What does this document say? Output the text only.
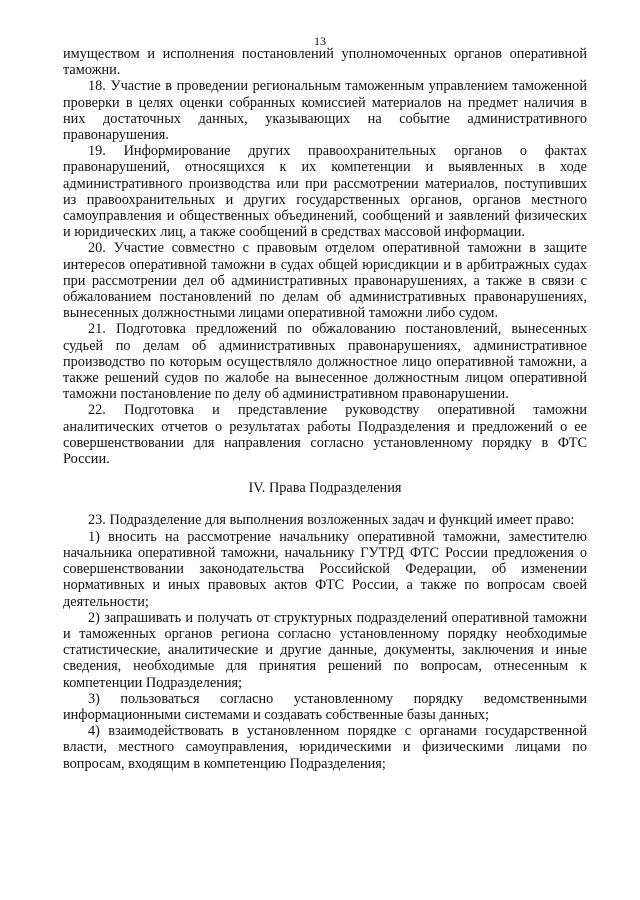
13

имуществом и исполнения постановлений уполномоченных органов оперативной таможни.

18. Участие в проведении региональным таможенным управлением таможенной проверки в целях оценки собранных комиссией материалов на предмет наличия в них достаточных данных, указывающих на событие административного правонарушения.

19. Информирование других правоохранительных органов о фактах правонарушений, относящихся к их компетенции и выявленных в ходе административного производства или при рассмотрении материалов, поступивших из правоохранительных и других государственных органов, органов местного самоуправления и общественных объединений, сообщений и заявлений физических и юридических лиц, а также сообщений в средствах массовой информации.

20. Участие совместно с правовым отделом оперативной таможни в защите интересов оперативной таможни в судах общей юрисдикции и в арбитражных судах при рассмотрении дел об административных правонарушениях, а также в связи с обжалованием постановлений по делам об административных правонарушениях, вынесенных должностными лицами оперативной таможни либо судом.

21. Подготовка предложений по обжалованию постановлений, вынесенных судьей по делам об административных правонарушениях, административное производство по которым осуществляло должностное лицо оперативной таможни, а также решений судов по жалобе на вынесенное должностным лицом оперативной таможни постановление по делу об административном правонарушении.

22. Подготовка и представление руководству оперативной таможни аналитических отчетов о результатах работы Подразделения и предложений о ее совершенствовании для направления согласно установленному порядку в ФТС России.

IV. Права Подразделения

23. Подразделение для выполнения возложенных задач и функций имеет право:

1) вносить на рассмотрение начальнику оперативной таможни, заместителю начальника оперативной таможни, начальнику ГУТРД ФТС России предложения о совершенствовании законодательства Российской Федерации, об изменении нормативных и иных правовых актов ФТС России, а также по вопросам своей деятельности;

2) запрашивать и получать от структурных подразделений оперативной таможни и таможенных органов региона согласно установленному порядку необходимые статистические, аналитические и другие данные, документы, заключения и иные сведения, необходимые для принятия решений по вопросам, отнесенным к компетенции Подразделения;

3) пользоваться согласно установленному порядку ведомственными информационными системами и создавать собственные базы данных;

4) взаимодействовать в установленном порядке с органами государственной власти, местного самоуправления, юридическими и физическими лицами по вопросам, входящим в компетенцию Подразделения;
